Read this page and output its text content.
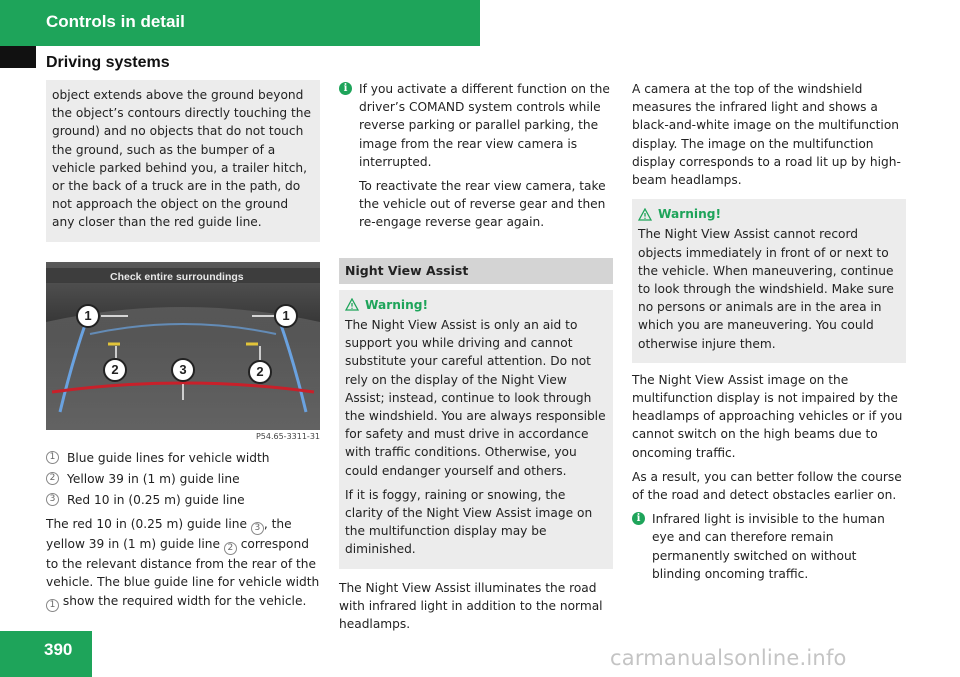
Controls in detail
Driving systems

object extends above the ground beyond the object’s contours directly touching the ground) and no objects that do not touch the ground, such as the bumper of a vehicle parked behind you, a trailer hitch, or the back of a truck are in the path, do not approach the object on the ground any closer than the red guide line.

Check entire surroundings
1	1
2	3	2
P54.65-3311-31
1 Blue guide lines for vehicle width
2 Yellow 39 in (1 m) guide line
3 Red 10 in (0.25 m) guide line

The red 10 in (0.25 m) guide line 3 , the yellow 39 in (1 m) guide line 2 correspond to the relevant distance from the rear of the vehicle. The blue guide line for vehicle width 1 show the required width for the vehicle.

i If you activate a different function on the driver’s COMAND system controls while reverse parking or parallel parking, the image from the rear view camera is interrupted.

To reactivate the rear view camera, take the vehicle out of reverse gear and then re-engage reverse gear again.

Night View Assist
Warning!

The Night View Assist is only an aid to support you while driving and cannot substitute your careful attention. Do not rely on the display of the Night View Assist; instead, continue to look through the windshield. You are always responsible for safety and must drive in accordance with traffic conditions. Otherwise, you could endanger yourself and others.

If it is foggy, raining or snowing, the clarity of the Night View Assist image on the multifunction display may be diminished.

The Night View Assist illuminates the road with infrared light in addition to the normal headlamps.

A camera at the top of the windshield measures the infrared light and shows a black-and-white image on the multifunction display. The image on the multifunction display corresponds to a road lit up by high-beam headlamps.

Warning!

The Night View Assist cannot record objects immediately in front of or next to the vehicle. When maneuvering, continue to look through the windshield. Make sure no persons or animals are in the area in which you are maneuvering. You could otherwise injure them.

The Night View Assist image on the multifunction display is not impaired by the headlamps of approaching vehicles or if you cannot switch on the high beams due to oncoming traffic.

As a result, you can better follow the course of the road and detect obstacles earlier on.

i Infrared light is invisible to the human eye and can therefore remain permanently switched on without blinding oncoming traffic.

390	carmanualsonline.info
